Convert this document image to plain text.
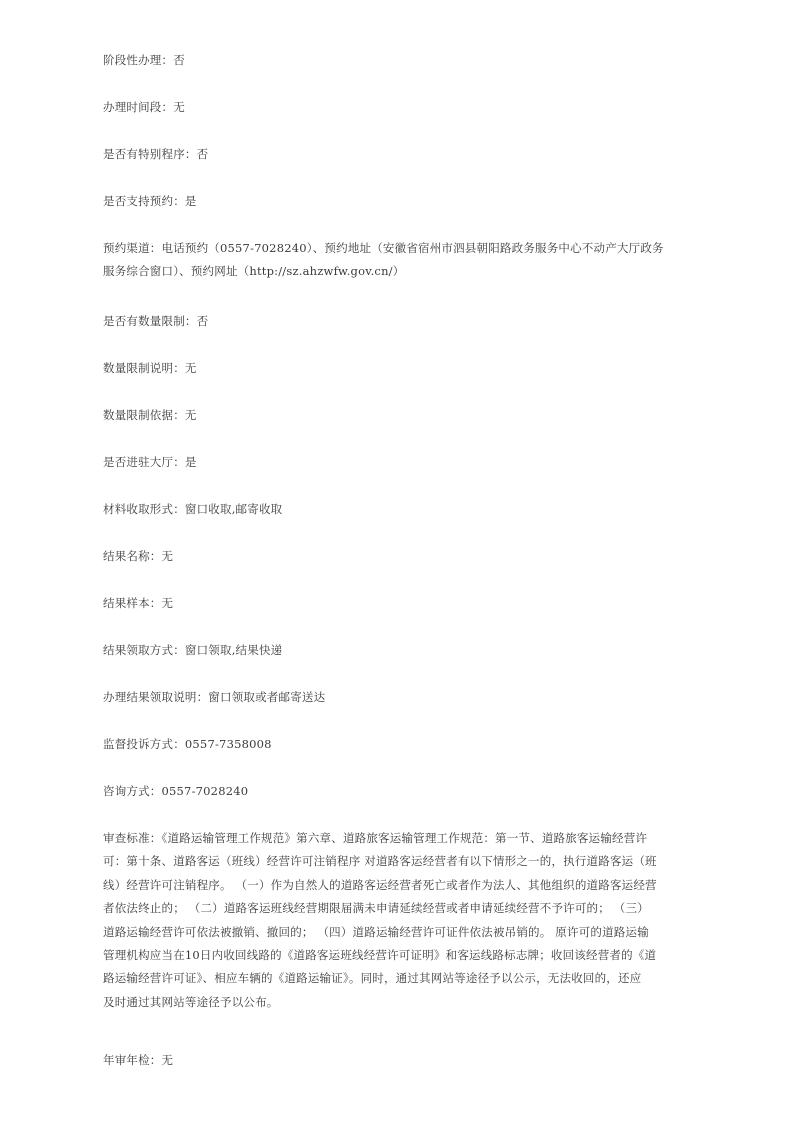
阶段性办理：否
办理时间段：无
是否有特别程序：否
是否支持预约：是
预约渠道：电话预约（0557-7028240）、预约地址（安徽省宿州市泗县朝阳路政务服务中心不动产大厅政务
服务综合窗口）、预约网址（http://sz.ahzwfw.gov.cn/）
是否有数量限制：否
数量限制说明：无
数量限制依据：无
是否进驻大厅：是
材料收取形式：窗口收取,邮寄收取
结果名称：无
结果样本：无
结果领取方式：窗口领取,结果快递
办理结果领取说明：窗口领取或者邮寄送达
监督投诉方式：0557-7358008
咨询方式：0557-7028240
审查标准：《道路运输管理工作规范》第六章、道路旅客运输管理工作规范：第一节、道路旅客运输经营许
可：第十条、道路客运（班线）经营许可注销程序 对道路客运经营者有以下情形之一的，执行道路客运（班
线）经营许可注销程序。 （一）作为自然人的道路客运经营者死亡或者作为法人、其他组织的道路客运经营
者依法终止的； （二）道路客运班线经营期限届满未申请延续经营或者申请延续经营不予许可的； （三）
道路运输经营许可依法被撤销、撤回的； （四）道路运输经营许可证件依法被吊销的。 原许可的道路运输
管理机构应当在10日内收回线路的《道路客运班线经营许可证明》和客运线路标志牌；收回该经营者的《道
路运输经营许可证》、相应车辆的《道路运输证》。同时，通过其网站等途径予以公示，无法收回的，还应
及时通过其网站等途径予以公布。
年审年检：无
